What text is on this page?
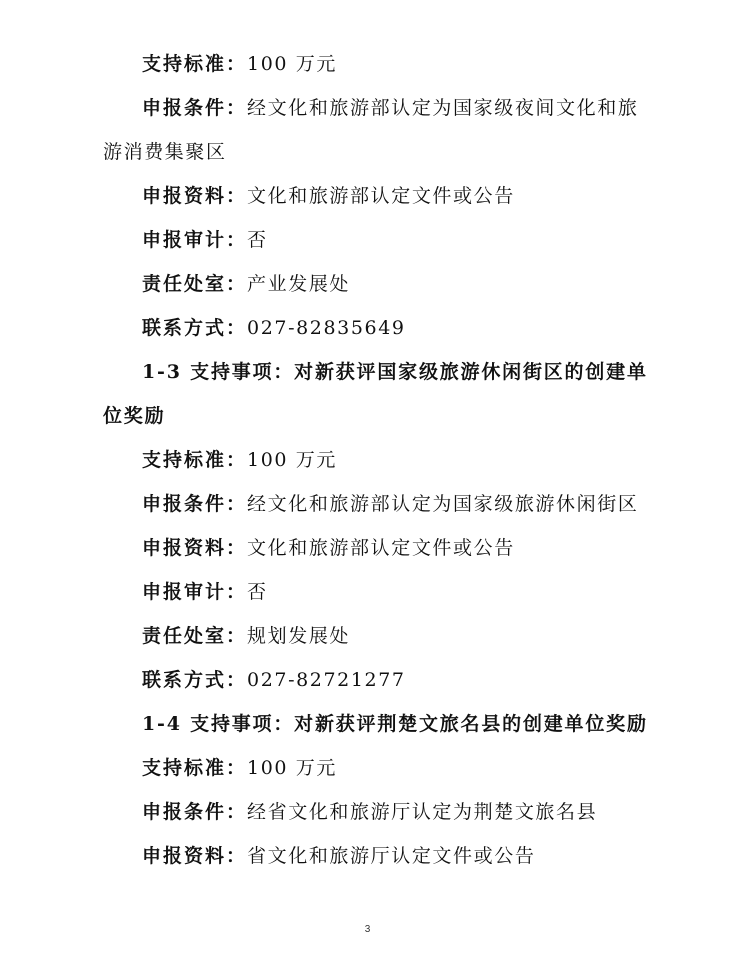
支持标准：100 万元
申报条件：经文化和旅游部认定为国家级夜间文化和旅
游消费集聚区
申报资料：文化和旅游部认定文件或公告
申报审计：否
责任处室：产业发展处
联系方式：027-82835649
1-3 支持事项：对新获评国家级旅游休闲街区的创建单
位奖励
支持标准：100 万元
申报条件：经文化和旅游部认定为国家级旅游休闲街区
申报资料：文化和旅游部认定文件或公告
申报审计：否
责任处室：规划发展处
联系方式：027-82721277
1-4 支持事项：对新获评荆楚文旅名县的创建单位奖励
支持标准：100 万元
申报条件：经省文化和旅游厅认定为荆楚文旅名县
申报资料：省文化和旅游厅认定文件或公告
3
